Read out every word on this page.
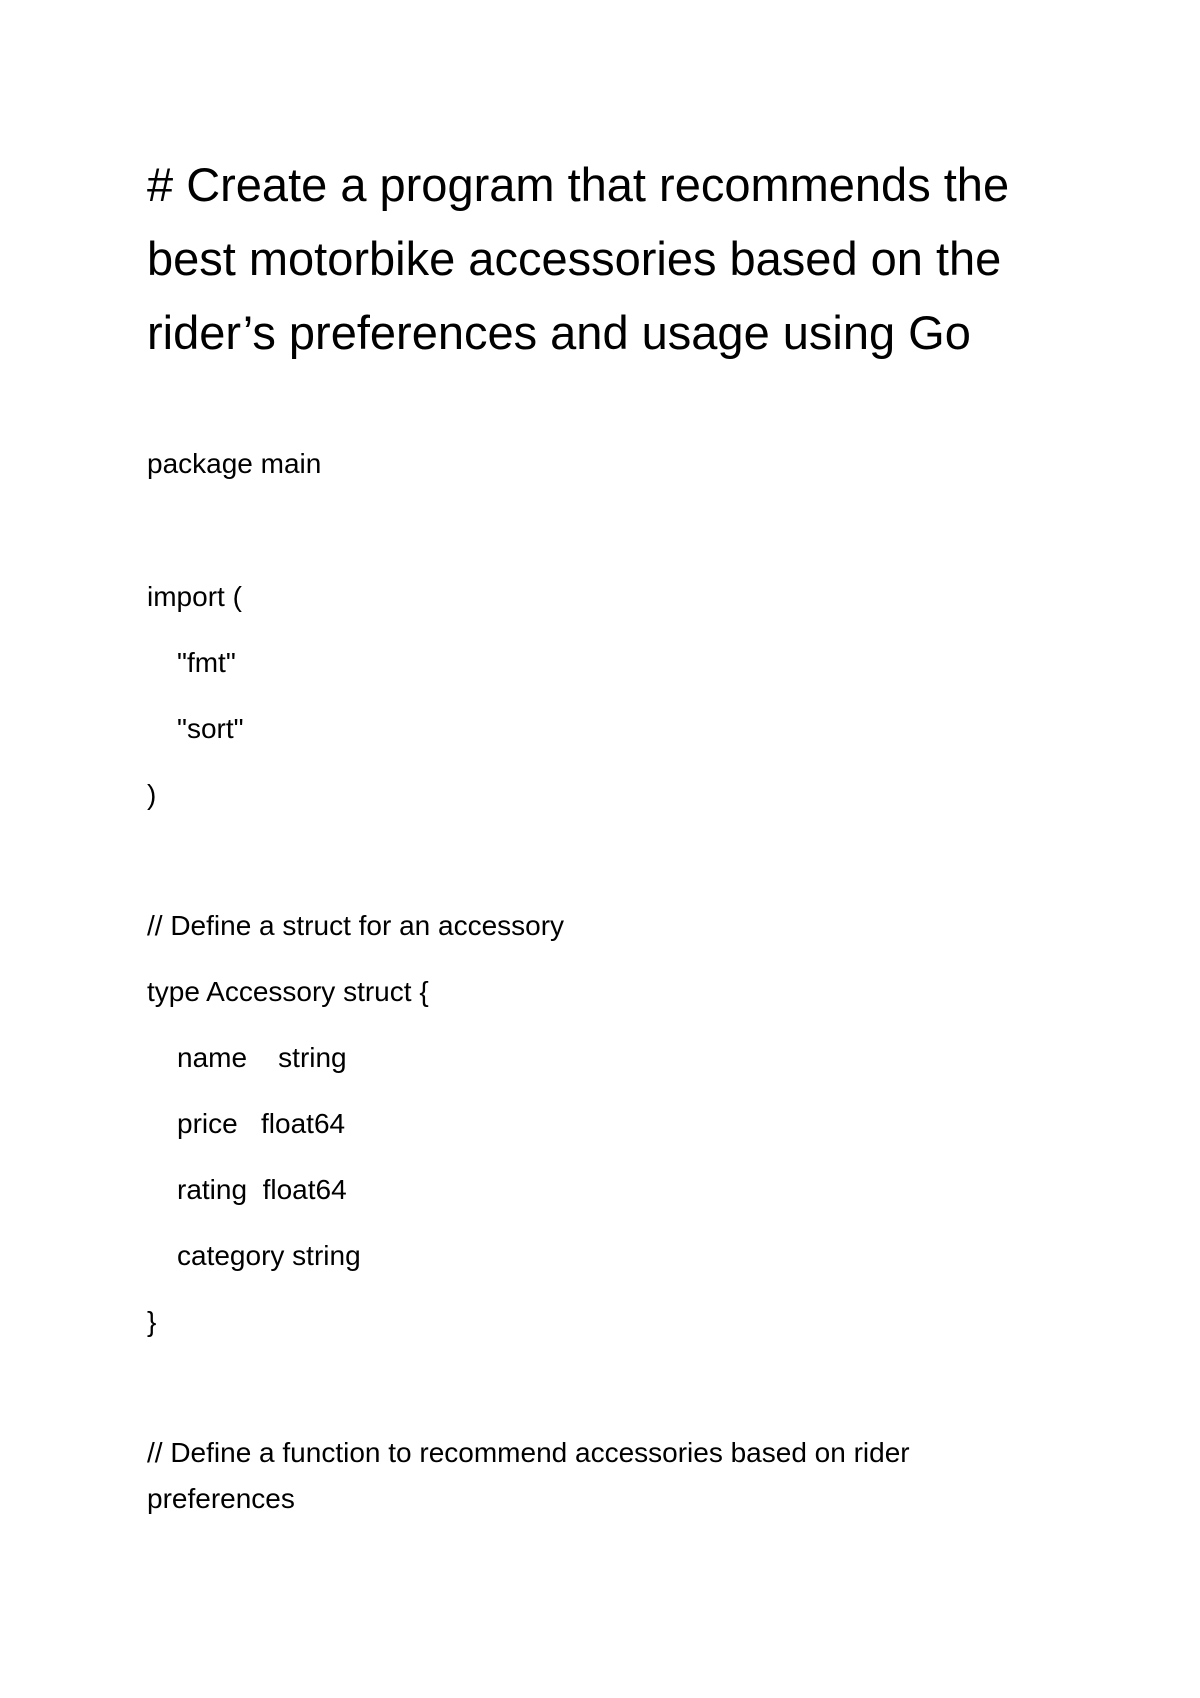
# Create a program that recommends the best motorbike accessories based on the rider’s preferences and usage using Go

package main

import (

"fmt"

"sort"

)

// Define a struct for an accessory

type Accessory struct {

name    string

price   float64

rating  float64

category string

}

// Define a function to recommend accessories based on rider preferences
